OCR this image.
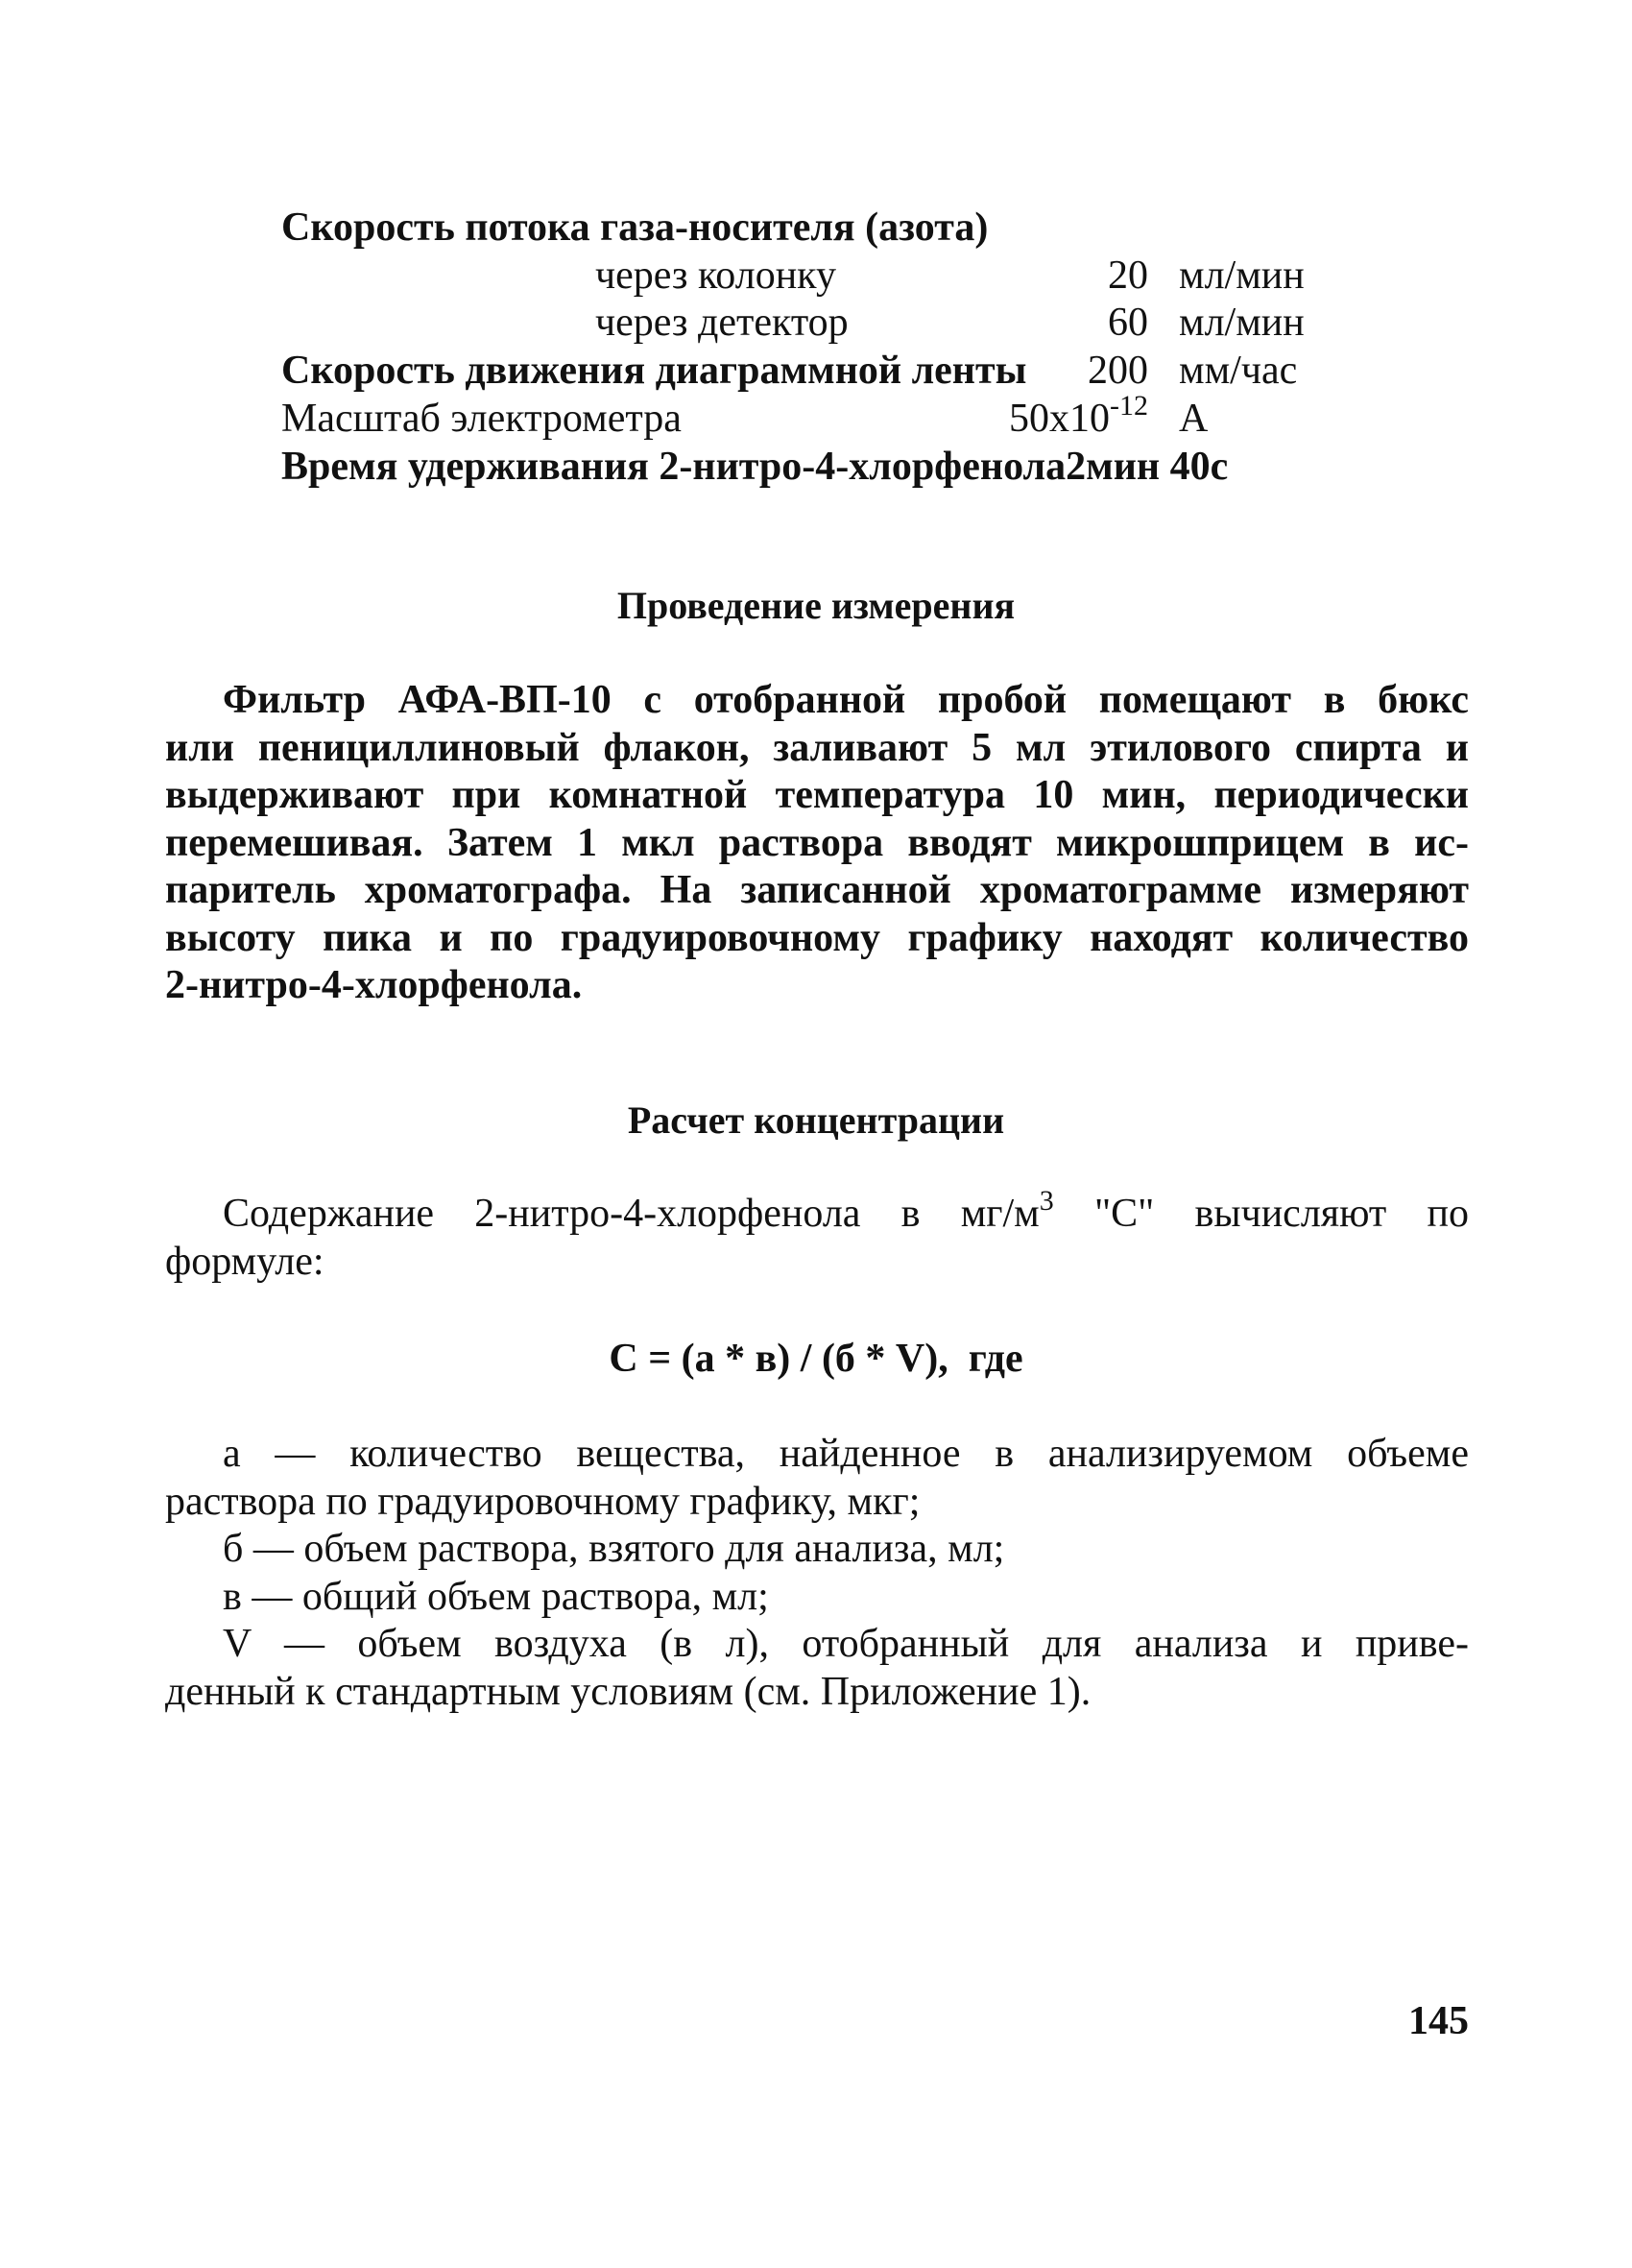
Скорость потока газа-носителя (азота)
через колонку	20 мл/мин
через детектор	60 мл/мин
Скорость движения диаграммной ленты	200 мм/час
Масштаб электрометра	$50x10^{-12}$ А
Время удерживания 2-нитро-4-хлорфенола2мин 40с
Проведение измерения
Фильтр АФА-ВП-10 с отобранной пробой помещают в бюкс
или пенициллиновый флакон, заливают 5 мл этилового спирта и
выдерживают при комнатной температура 10 мин, периодически
перемешивая. Затем 1 мкл раствора вводят микрошприцем в ис-
паритель хроматографа. На записанной хроматограмме измеряют
высоту пика и по градуировочному графику находят количество
2-нитро-4-хлорфенола.
Расчет концентрации
Содержание 2-нитро-4-хлорфенола в $мг/м^3$ "С" вычисляют по
формуле:
С = (а * в) / (б * V),  где
а — количество вещества, найденное в анализируемом объеме
раствора по градуировочному графику, мкг;
б — объем раствора, взятого для анализа, мл;
в — общий объем раствора, мл;
V — объем воздуха (в л), отобранный для анализа и приве-
денный к стандартным условиям (см. Приложение 1).
145
